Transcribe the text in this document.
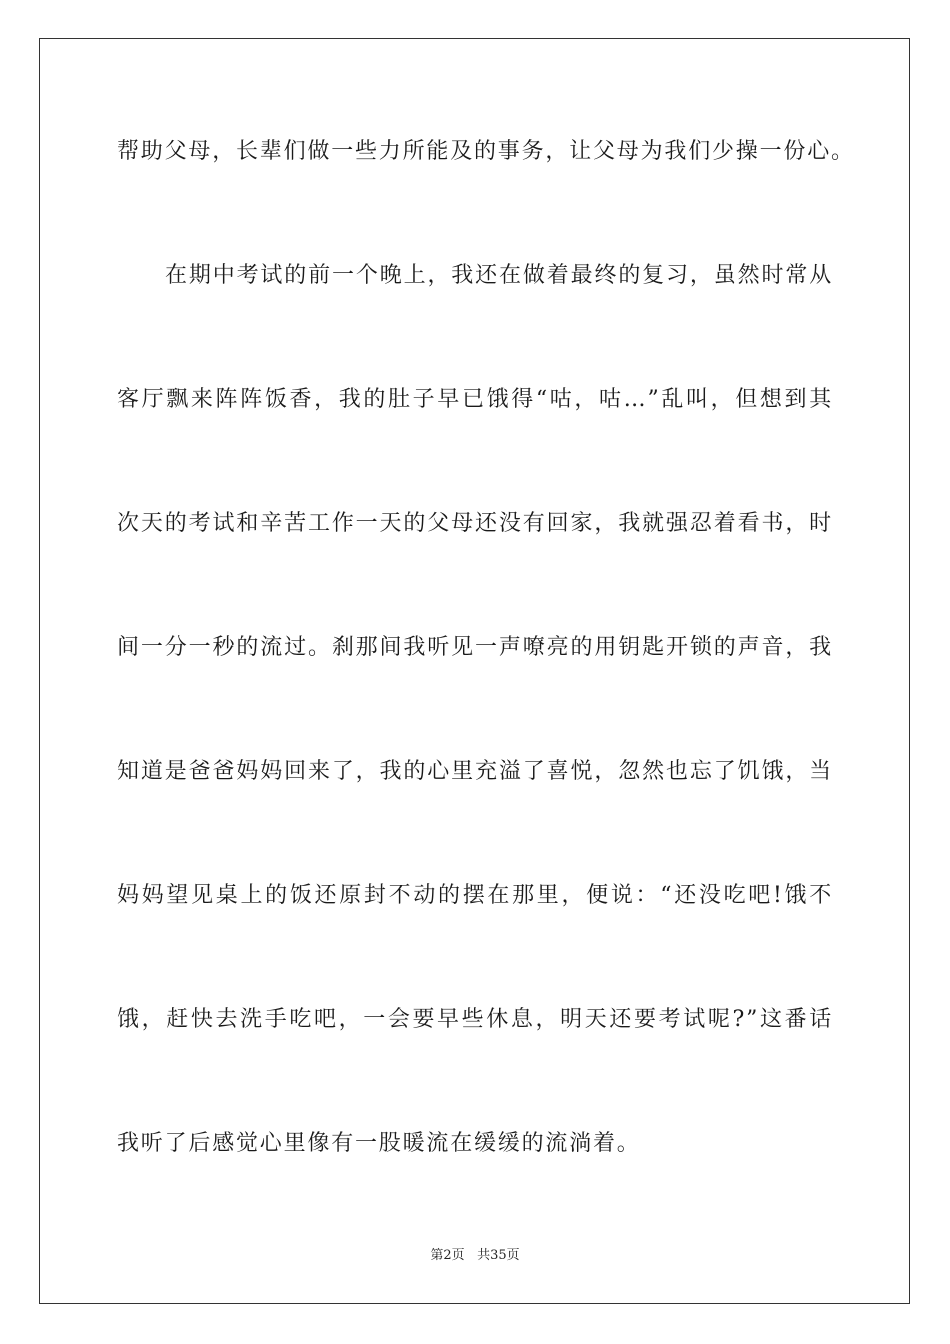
帮助父母，长辈们做一些力所能及的事务，让父母为我们少操一份心。
在期中考试的前一个晚上，我还在做着最终的复习，虽然时常从
客厅飘来阵阵饭香，我的肚子早已饿得“咕，咕…”乱叫，但想到其
次天的考试和辛苦工作一天的父母还没有回家，我就强忍着看书，时
间一分一秒的流过。刹那间我听见一声嘹亮的用钥匙开锁的声音，我
知道是爸爸妈妈回来了，我的心里充溢了喜悦，忽然也忘了饥饿，当
妈妈望见桌上的饭还原封不动的摆在那里，便说：“还没吃吧!饿不
饿，赶快去洗手吃吧，一会要早些休息，明天还要考试呢?”这番话
我听了后感觉心里像有一股暖流在缓缓的流淌着。
第2页 共35页
